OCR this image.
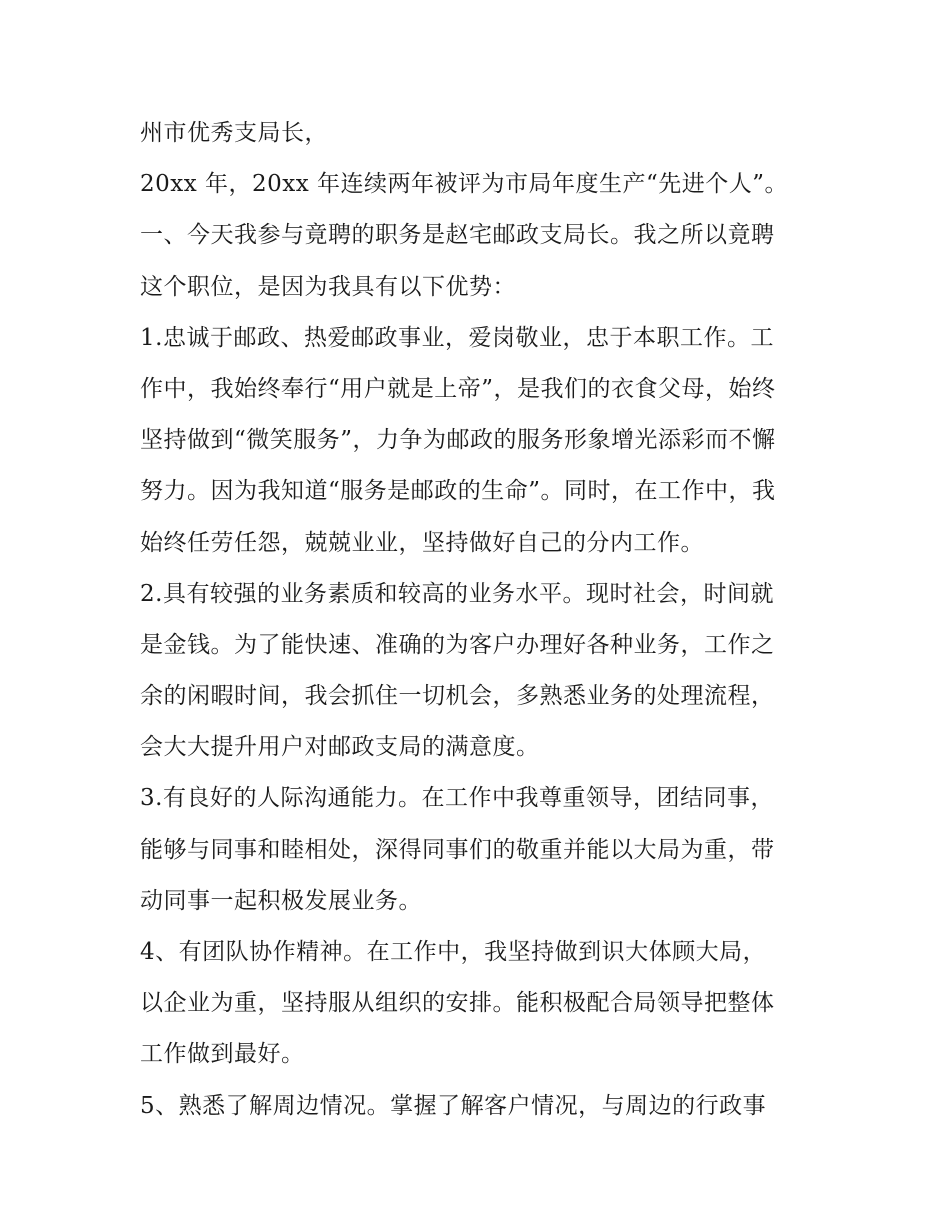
州市优秀支局长，
20xx 年，20xx 年连续两年被评为市局年度生产“先进个人”。
一、今天我参与竟聘的职务是赵宅邮政支局长。我之所以竟聘
这个职位，是因为我具有以下优势：
1.忠诚于邮政、热爱邮政事业，爱岗敬业，忠于本职工作。工
作中，我始终奉行“用户就是上帝”，是我们的衣食父母，始终
坚持做到“微笑服务”，力争为邮政的服务形象增光添彩而不懈
努力。因为我知道“服务是邮政的生命”。同时，在工作中，我
始终任劳任怨，兢兢业业，坚持做好自己的分内工作。
2.具有较强的业务素质和较高的业务水平。现时社会，时间就
是金钱。为了能快速、准确的为客户办理好各种业务，工作之
余的闲暇时间，我会抓住一切机会，多熟悉业务的处理流程，
会大大提升用户对邮政支局的满意度。
3.有良好的人际沟通能力。在工作中我尊重领导，团结同事，
能够与同事和睦相处，深得同事们的敬重并能以大局为重，带
动同事一起积极发展业务。
4、有团队协作精神。在工作中，我坚持做到识大体顾大局，
以企业为重，坚持服从组织的安排。能积极配合局领导把整体
工作做到最好。
5、熟悉了解周边情况。掌握了解客户情况，与周边的行政事
